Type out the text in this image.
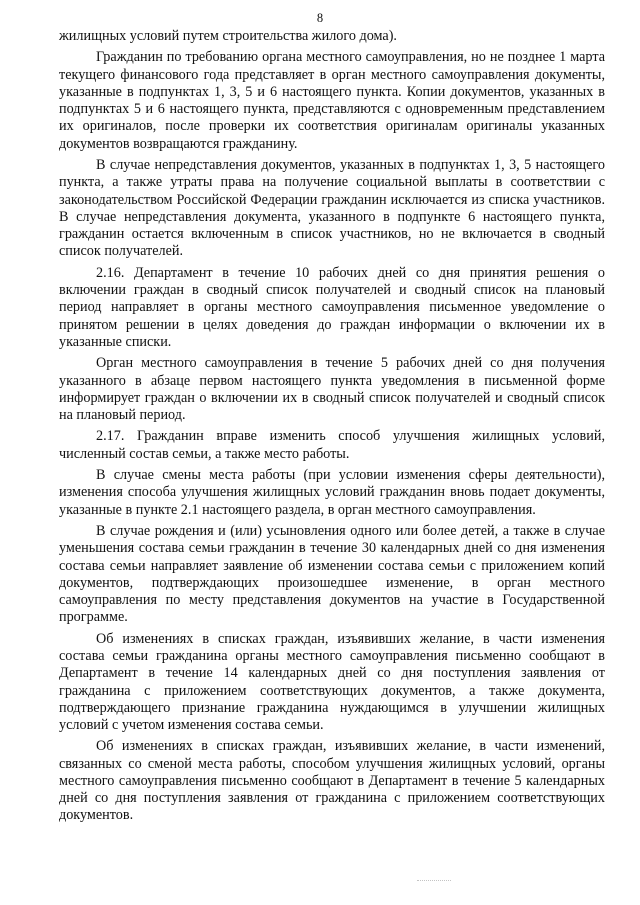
8

жилищных условий путем строительства жилого дома).

Гражданин по требованию органа местного самоуправления, но не позднее 1 марта текущего финансового года представляет в орган местного самоуправления документы, указанные в подпунктах 1, 3, 5 и 6 настоящего пункта. Копии документов, указанных в подпунктах 5 и 6 настоящего пункта, представляются с одновременным представлением их оригиналов, после проверки их соответствия оригиналам оригиналы указанных документов возвращаются гражданину.

В случае непредставления документов, указанных в подпунктах 1, 3, 5 настоящего пункта, а также утраты права на получение социальной выплаты в соответствии с законодательством Российской Федерации гражданин исключается из списка участников. В случае непредставления документа, указанного в подпункте 6 настоящего пункта, гражданин остается включенным в список участников, но не включается в сводный список получателей.

2.16. Департамент в течение 10 рабочих дней со дня принятия решения о включении граждан в сводный список получателей и сводный список на плановый период направляет в органы местного самоуправления письменное уведомление о принятом решении в целях доведения до граждан информации о включении их в указанные списки.

Орган местного самоуправления в течение 5 рабочих дней со дня получения указанного в абзаце первом настоящего пункта уведомления в письменной форме информирует граждан о включении их в сводный список получателей и сводный список на плановый период.

2.17. Гражданин вправе изменить способ улучшения жилищных условий, численный состав семьи, а также место работы.

В случае смены места работы (при условии изменения сферы деятельности), изменения способа улучшения жилищных условий гражданин вновь подает документы, указанные в пункте 2.1 настоящего раздела, в орган местного самоуправления.

В случае рождения и (или) усыновления одного или более детей, а также в случае уменьшения состава семьи гражданин в течение 30 календарных дней со дня изменения состава семьи направляет заявление об изменении состава семьи с приложением копий документов, подтверждающих произошедшее изменение, в орган местного самоуправления по месту представления документов на участие в Государственной программе.

Об изменениях в списках граждан, изъявивших желание, в части изменения состава семьи гражданина органы местного самоуправления письменно сообщают в Департамент в течение 14 календарных дней со дня поступления заявления от гражданина с приложением соответствующих документов, а также документа, подтверждающего признание гражданина нуждающимся в улучшении жилищных условий с учетом изменения состава семьи.

Об изменениях в списках граждан, изъявивших желание, в части изменений, связанных со сменой места работы, способом улучшения жилищных условий, органы местного самоуправления письменно сообщают в Департамент в течение 5 календарных дней со дня поступления заявления от гражданина с приложением соответствующих документов.
